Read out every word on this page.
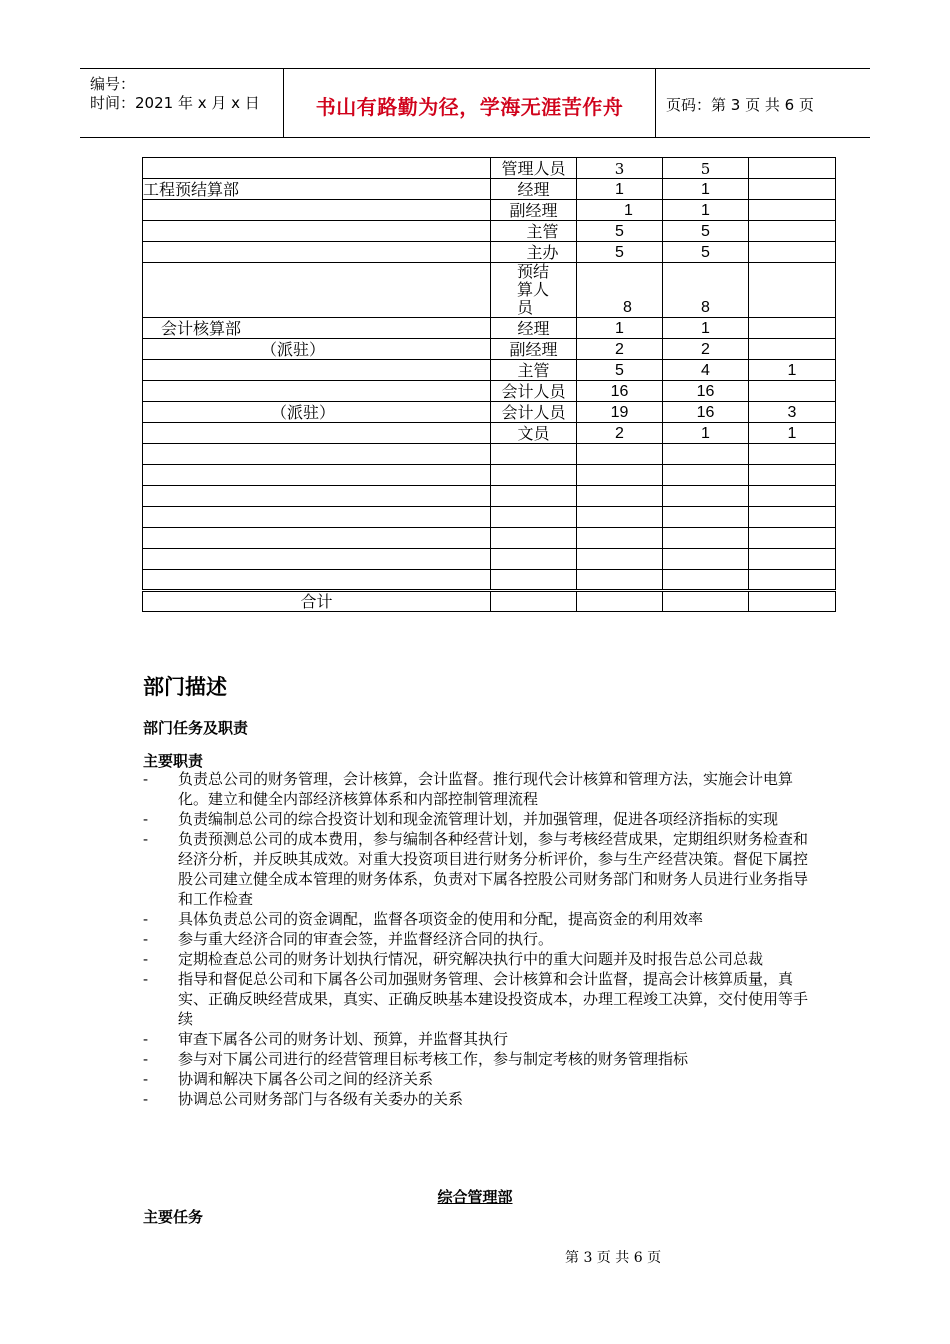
编号：
时间：2021 年 x 月 x 日	书山有路勤为径，学海无涯苦作舟	页码：第 3 页 共 6 页
	管理人员	3	5	
工程预结算部	经理	1	1	
	副经理	1	1	
	主管	5	5	
	主办	5	5	
	预结算人员	8	8	
会计核算部	经理	1	1	
（派驻）	副经理	2	2	
	主管	5	4	1
	会计人员	16	16	
（派驻）	会计人员	19	16	3
	文员	2	1	1

合计				
部门描述
部门任务及职责
主要职责
- 负责总公司的财务管理，会计核算，会计监督。推行现代会计核算和管理方法，实施会计电算化。建立和健全内部经济核算体系和内部控制管理流程
- 负责编制总公司的综合投资计划和现金流管理计划，并加强管理，促进各项经济指标的实现
- 负责预测总公司的成本费用，参与编制各种经营计划，参与考核经营成果，定期组织财务检查和经济分析，并反映其成效。对重大投资项目进行财务分析评价，参与生产经营决策。督促下属控股公司建立健全成本管理的财务体系，负责对下属各控股公司财务部门和财务人员进行业务指导和工作检查
- 具体负责总公司的资金调配，监督各项资金的使用和分配，提高资金的利用效率
- 参与重大经济合同的审查会签，并监督经济合同的执行。
- 定期检查总公司的财务计划执行情况，研究解决执行中的重大问题并及时报告总公司总裁
- 指导和督促总公司和下属各公司加强财务管理、会计核算和会计监督，提高会计核算质量，真实、正确反映经营成果，真实、正确反映基本建设投资成本，办理工程竣工决算，交付使用等手续
- 审查下属各公司的财务计划、预算，并监督其执行
- 参与对下属公司进行的经营管理目标考核工作，参与制定考核的财务管理指标
- 协调和解决下属各公司之间的经济关系
- 协调总公司财务部门与各级有关委办的关系
综合管理部
主要任务
第 3 页 共 6 页
